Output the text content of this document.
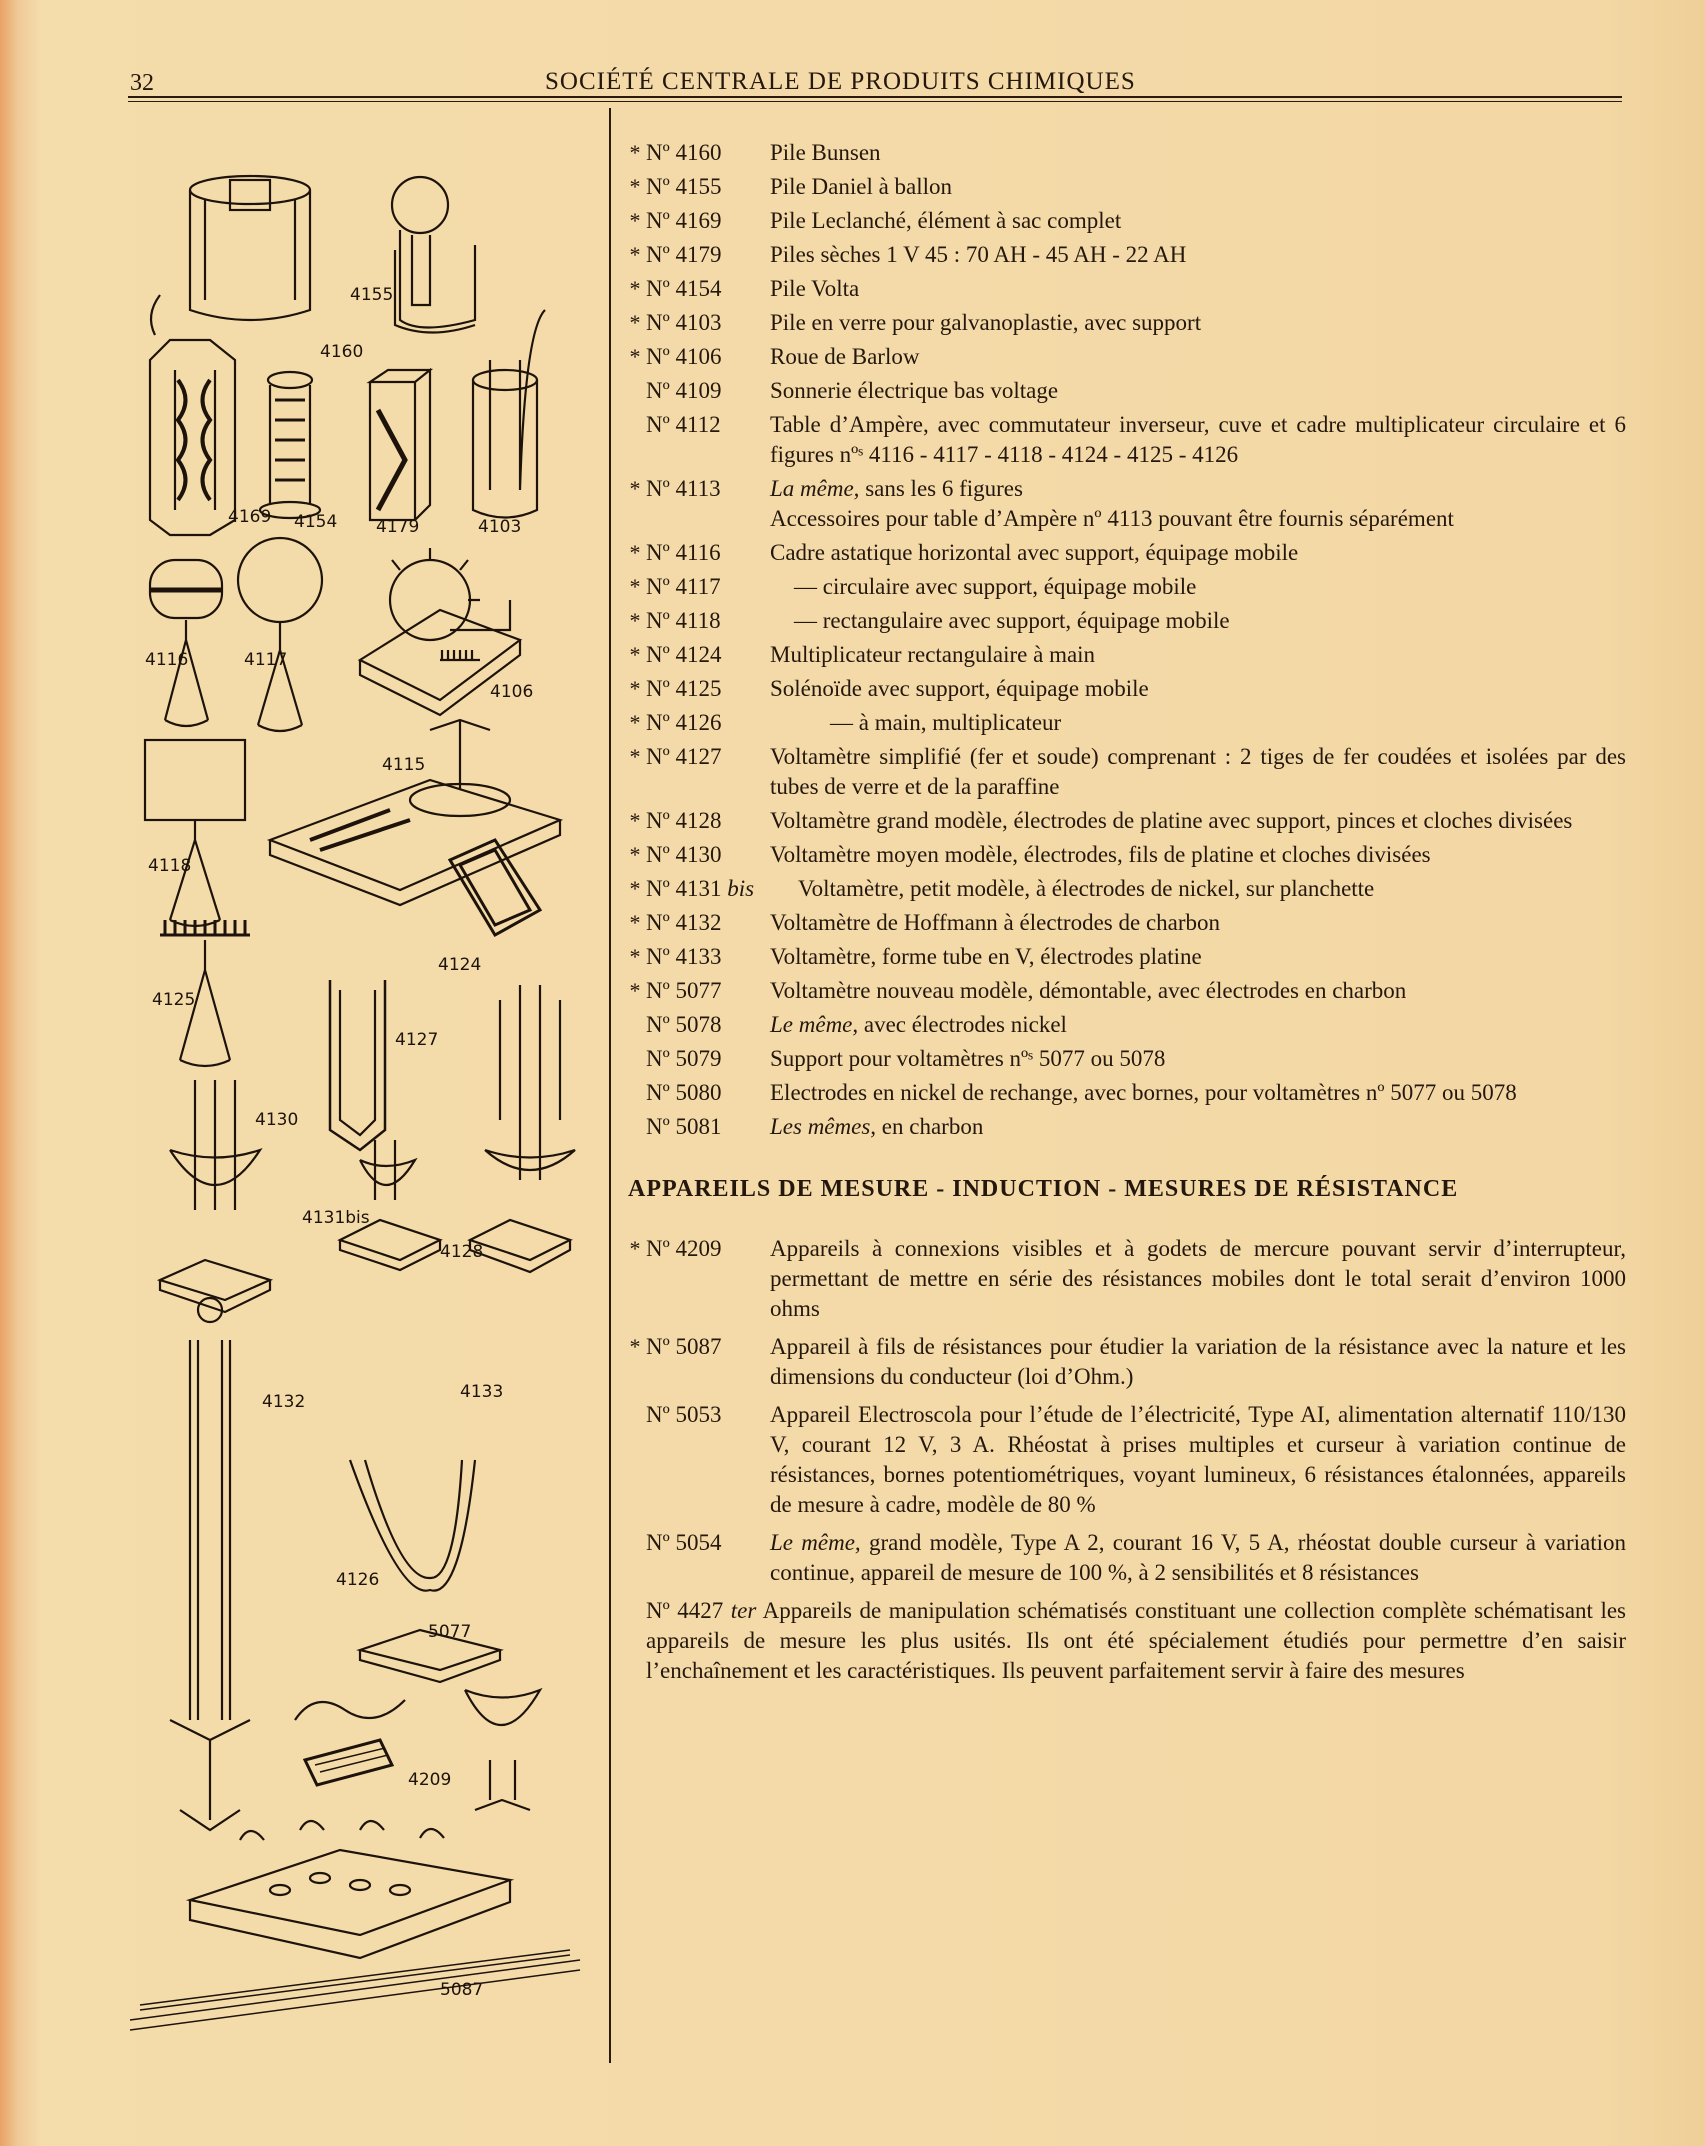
32	SOCIÉTÉ CENTRALE DE PRODUITS CHIMIQUES
4155
4160
4169 4154 4179	4103
4116	4117
4106
4115
4118
4124
4125
4127
4130
4131bis
4128
4132	4133
4126
5077
4209
5087
* Nº 4160	Pile Bunsen
* Nº 4155	Pile Daniel à ballon
* Nº 4169	Pile Leclanché, élément à sac complet
* Nº 4179	Piles sèches 1 V 45 : 70 AH - 45 AH - 22 AH
* Nº 4154	Pile Volta
* Nº 4103	Pile en verre pour galvanoplastie, avec support
* Nº 4106	Roue de Barlow
Nº 4109	Sonnerie électrique bas voltage
Nº 4112	Table d’Ampère, avec commutateur inverseur, cuve et cadre multiplicateur circulaire et 6 figures nºˢ 4116 - 4117 - 4118 - 4124 - 4125 - 4126
* Nº 4113	La même, sans les 6 figures
Accessoires pour table d’Ampère nº 4113 pouvant être fournis séparément
* Nº 4116	Cadre astatique horizontal avec support, équipage mobile
* Nº 4117	— circulaire avec support, équipage mobile
* Nº 4118	— rectangulaire avec support, équipage mobile
* Nº 4124	Multiplicateur rectangulaire à main
* Nº 4125	Solénoïde avec support, équipage mobile
* Nº 4126	— à main, multiplicateur
* Nº 4127	Voltamètre simplifié (fer et soude) comprenant : 2 tiges de fer coudées et isolées par des tubes de verre et de la paraffine
* Nº 4128	Voltamètre grand modèle, électrodes de platine avec support, pinces et cloches divisées
* Nº 4130	Voltamètre moyen modèle, électrodes, fils de platine et cloches divisées
* Nº 4131 bis	Voltamètre, petit modèle, à électrodes de nickel, sur planchette
* Nº 4132	Voltamètre de Hoffmann à électrodes de charbon
* Nº 4133	Voltamètre, forme tube en V, électrodes platine
* Nº 5077	Voltamètre nouveau modèle, démontable, avec électrodes en charbon
Nº 5078	Le même, avec électrodes nickel
Nº 5079	Support pour voltamètres nºˢ 5077 ou 5078
Nº 5080	Electrodes en nickel de rechange, avec bornes, pour voltamètres nº 5077 ou 5078
Nº 5081	Les mêmes, en charbon
APPAREILS DE MESURE - INDUCTION - MESURES DE RÉSISTANCE
* Nº 4209	Appareils à connexions visibles et à godets de mercure pouvant servir d’interrupteur, permettant de mettre en série des résistances mobiles dont le total serait d’environ 1000 ohms
* Nº 5087	Appareil à fils de résistances pour étudier la variation de la résistance avec la nature et les dimensions du conducteur (loi d’Ohm.)
Nº 5053	Appareil Electroscola pour l’étude de l’électricité, Type AI, alimentation alternatif 110/130 V, courant 12 V, 3 A. Rhéostat à prises multiples et curseur à variation continue de résistances, bornes potentiométriques, voyant lumineux, 6 résistances étalonnées, appareils de mesure à cadre, modèle de 80 %
Nº 5054	Le même, grand modèle, Type A 2, courant 16 V, 5 A, rhéostat double curseur à variation continue, appareil de mesure de 100 %, à 2 sensibilités et 8 résistances
Nº 4427 ter Appareils de manipulation schématisés constituant une collection complète schématisant les appareils de mesure les plus usités. Ils ont été spécialement étudiés pour permettre d’en saisir l’enchaînement et les caractéristiques. Ils peuvent parfaitement servir à faire des mesures
